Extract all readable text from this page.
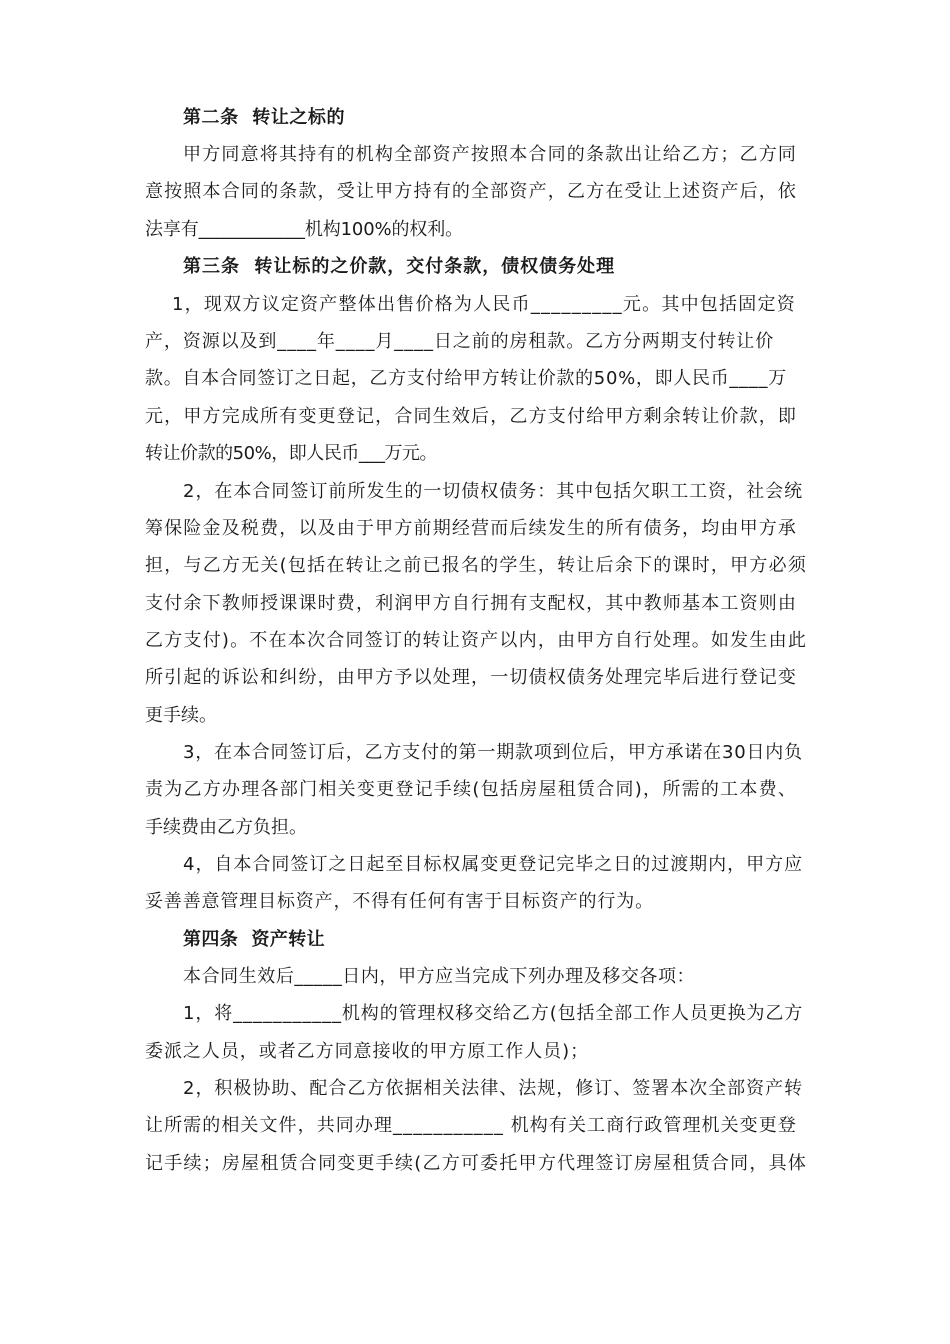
第二条  转让之标的
甲方同意将其持有的机构全部资产按照本合同的条款出让给乙方；乙方同
意按照本合同的条款，受让甲方持有的全部资产，乙方在受让上述资产后，依
法享有____________机构100%的权利。
第三条  转让标的之价款，交付条款，债权债务处理
1，现双方议定资产整体出售价格为人民币_________元。其中包括固定资
产，资源以及到____年____月____日之前的房租款。乙方分两期支付转让价
款。自本合同签订之日起，乙方支付给甲方转让价款的50%，即人民币____万
元，甲方完成所有变更登记，合同生效后，乙方支付给甲方剩余转让价款，即
转让价款的50%，即人民币___万元。
2，在本合同签订前所发生的一切债权债务：其中包括欠职工工资，社会统
筹保险金及税费，以及由于甲方前期经营而后续发生的所有债务，均由甲方承
担，与乙方无关(包括在转让之前已报名的学生，转让后余下的课时，甲方必须
支付余下教师授课课时费，利润甲方自行拥有支配权，其中教师基本工资则由
乙方支付)。不在本次合同签订的转让资产以内，由甲方自行处理。如发生由此
所引起的诉讼和纠纷，由甲方予以处理，一切债权债务处理完毕后进行登记变
更手续。
3，在本合同签订后，乙方支付的第一期款项到位后，甲方承诺在30日内负
责为乙方办理各部门相关变更登记手续(包括房屋租赁合同)，所需的工本费、
手续费由乙方负担。
4，自本合同签订之日起至目标权属变更登记完毕之日的过渡期内，甲方应
妥善善意管理目标资产，不得有任何有害于目标资产的行为。
第四条  资产转让
本合同生效后_____日内，甲方应当完成下列办理及移交各项：
1，将___________机构的管理权移交给乙方(包括全部工作人员更换为乙方
委派之人员，或者乙方同意接收的甲方原工作人员)；
2，积极协助、配合乙方依据相关法律、法规，修订、签署本次全部资产转
让所需的相关文件，共同办理___________ 机构有关工商行政管理机关变更登
记手续；房屋租赁合同变更手续(乙方可委托甲方代理签订房屋租赁合同，具体
